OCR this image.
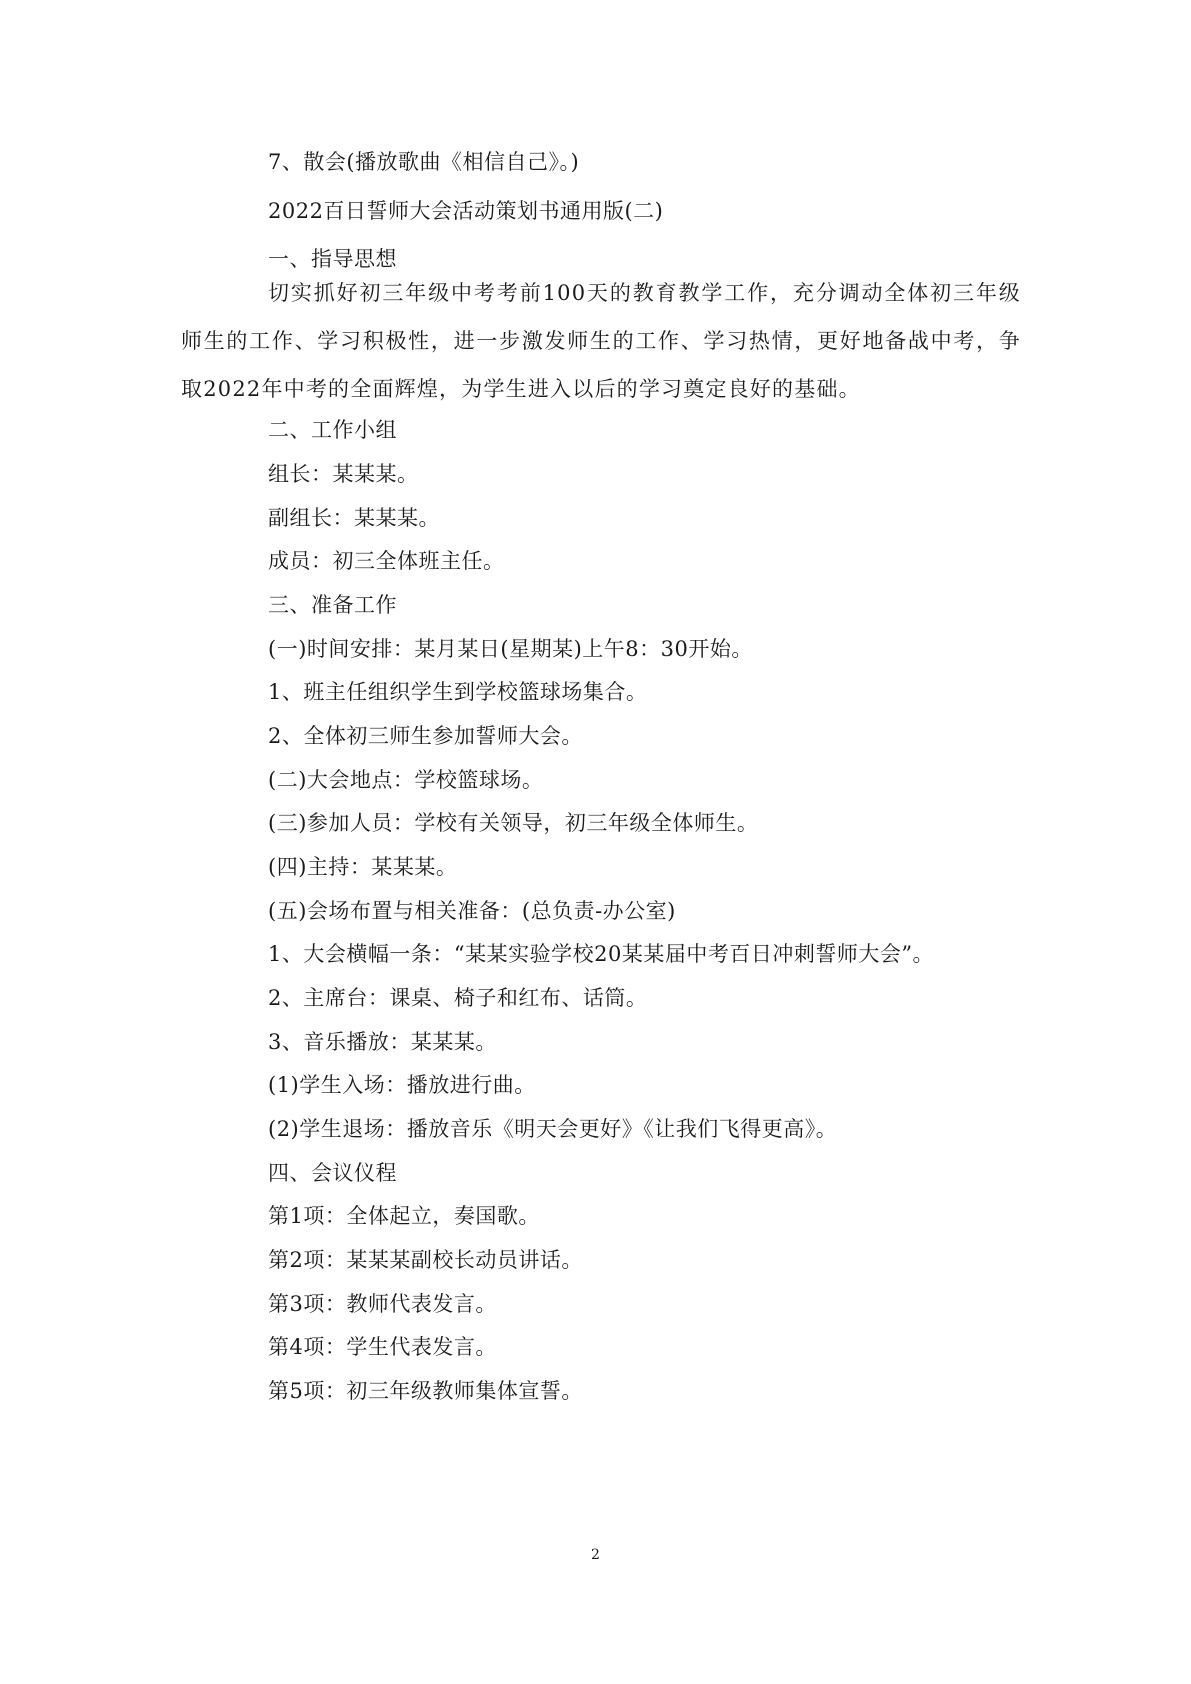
7、散会(播放歌曲《相信自己》。)
2022百日誓师大会活动策划书通用版(二)
一、指导思想
切实抓好初三年级中考考前100天的教育教学工作，充分调动全体初三年级师生的工作、学习积极性，进一步激发师生的工作、学习热情，更好地备战中考，争取2022年中考的全面辉煌，为学生进入以后的学习奠定良好的基础。
二、工作小组
组长：某某某。
副组长：某某某。
成员：初三全体班主任。
三、准备工作
(一)时间安排：某月某日(星期某)上午8：30开始。
1、班主任组织学生到学校篮球场集合。
2、全体初三师生参加誓师大会。
(二)大会地点：学校篮球场。
(三)参加人员：学校有关领导，初三年级全体师生。
(四)主持：某某某。
(五)会场布置与相关准备：(总负责-办公室)
1、大会横幅一条：“某某实验学校20某某届中考百日冲刺誓师大会”。
2、主席台：课桌、椅子和红布、话筒。
3、音乐播放：某某某。
(1)学生入场：播放进行曲。
(2)学生退场：播放音乐《明天会更好》《让我们飞得更高》。
四、会议仪程
第1项：全体起立，奏国歌。
第2项：某某某副校长动员讲话。
第3项：教师代表发言。
第4项：学生代表发言。
第5项：初三年级教师集体宣誓。
2
